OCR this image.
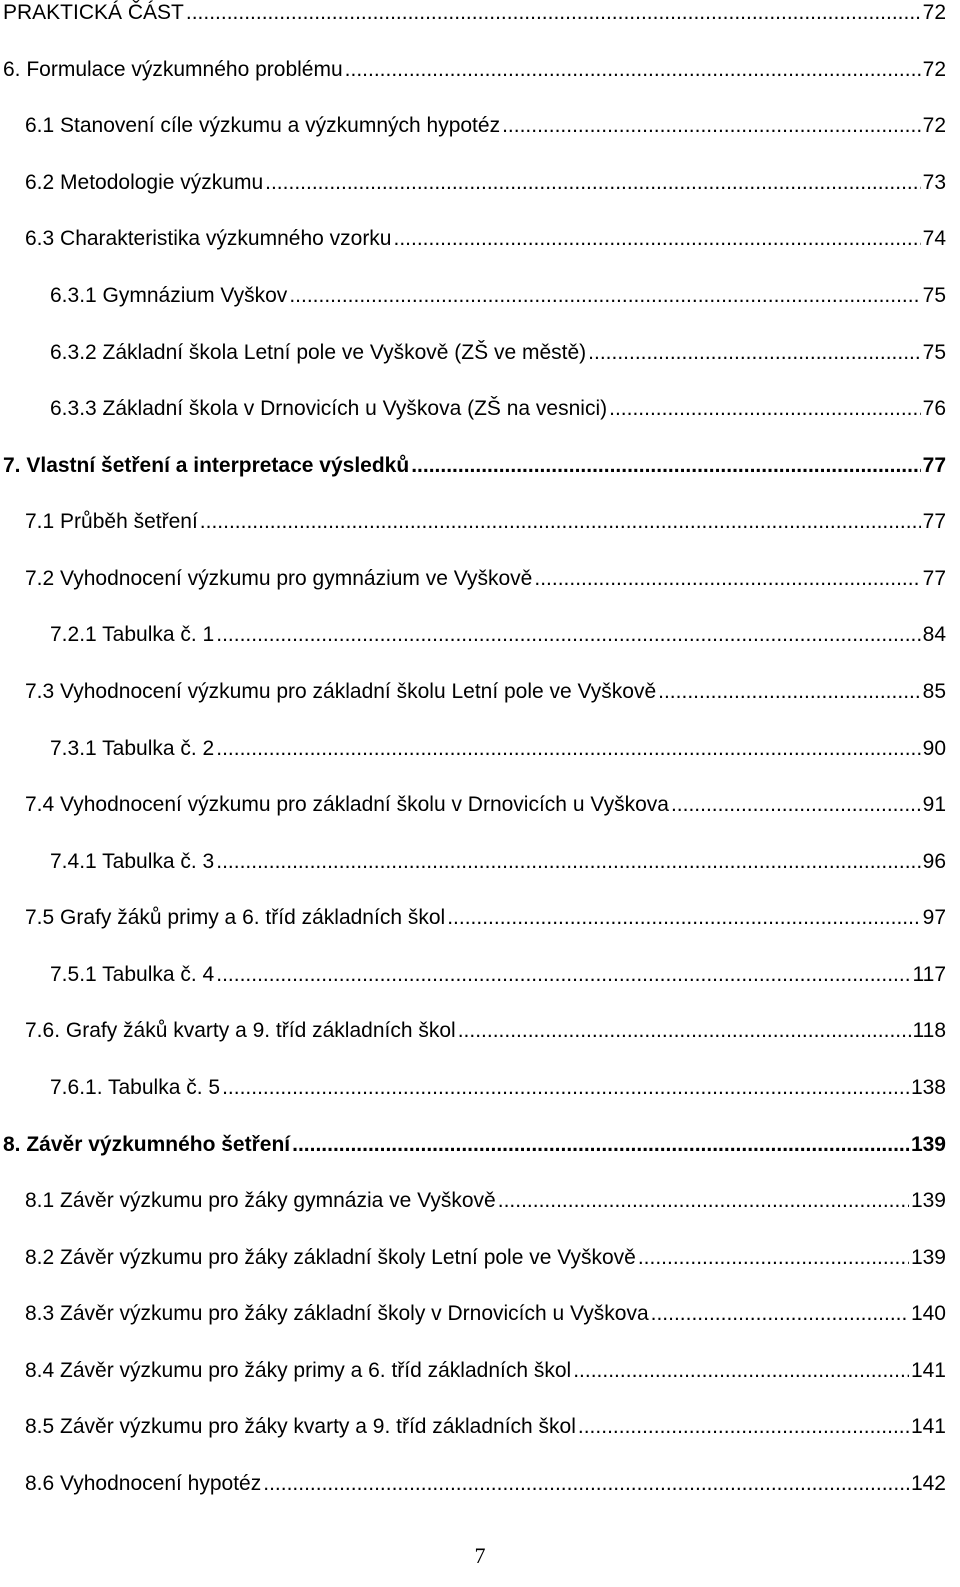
PRAKTICKÁ ČÁST .....	72
6. Formulace výzkumného problému .....	72
6.1 Stanovení cíle výzkumu a výzkumných hypotéz .....	72
6.2 Metodologie výzkumu .....	73
6.3 Charakteristika výzkumného vzorku .....	74
6.3.1 Gymnázium Vyškov .....	75
6.3.2 Základní škola Letní pole ve Vyškově (ZŠ ve městě) .....	75
6.3.3 Základní škola v Drnovicích u Vyškova (ZŠ na vesnici) .....	76
7. Vlastní šetření a interpretace výsledků .....	77
7.1 Průběh šetření .....	77
7.2 Vyhodnocení výzkumu pro gymnázium ve Vyškově .....	77
7.2.1 Tabulka č. 1 .....	84
7.3 Vyhodnocení výzkumu pro základní školu Letní pole ve Vyškově .....	85
7.3.1 Tabulka č. 2 .....	90
7.4 Vyhodnocení výzkumu pro základní školu v Drnovicích u Vyškova .....	91
7.4.1 Tabulka č. 3 .....	96
7.5 Grafy žáků primy a 6. tříd základních škol .....	97
7.5.1 Tabulka č. 4 .....	117
7.6. Grafy žáků kvarty a 9. tříd základních škol .....	118
7.6.1. Tabulka č. 5 .....	138
8. Závěr výzkumného šetření .....	139
8.1 Závěr výzkumu pro žáky gymnázia ve Vyškově .....	139
8.2 Závěr výzkumu pro žáky základní školy Letní pole ve Vyškově .....	139
8.3 Závěr výzkumu pro žáky základní školy v Drnovicích u Vyškova .....	140
8.4 Závěr výzkumu pro žáky primy a 6. tříd základních škol .....	141
8.5 Závěr výzkumu pro žáky kvarty a 9. tříd základních škol .....	141
8.6 Vyhodnocení hypotéz .....	142
7
